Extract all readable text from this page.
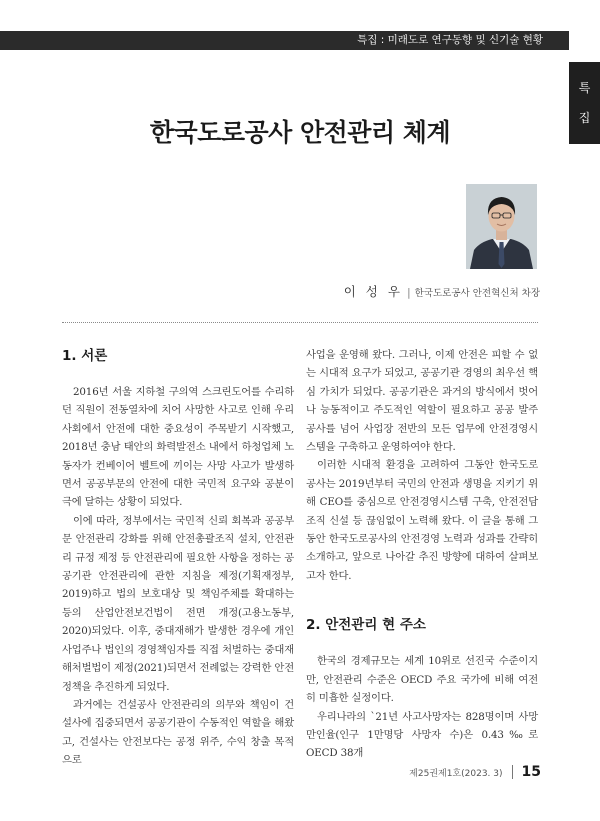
특집 : 미래도로 연구동향 및 신기술 현황
특
집
한국도로공사 안전관리 체계
이 성 우 | 한국도로공사 안전혁신처 차장
1. 서론

2016년 서울 지하철 구의역 스크린도어를 수리하던 직원이 전동열차에 치어 사망한 사고로 인해 우리 사회에서 안전에 대한 중요성이 주목받기 시작했고, 2018년 충남 태안의 화력발전소 내에서 하청업체 노동자가 컨베이어 벨트에 끼이는 사망 사고가 발생하면서 공공부문의 안전에 대한 국민적 요구와 공분이 극에 달하는 상황이 되었다.

이에 따라, 정부에서는 국민적 신뢰 회복과 공공부문 안전관리 강화를 위해 안전총괄조직 설치, 안전관리 규정 제정 등 안전관리에 필요한 사항을 정하는 공공기관 안전관리에 관한 지침을 제정(기획재정부, 2019)하고 법의 보호대상 및 책임주체를 확대하는 등의 산업안전보건법이 전면 개정(고용노동부, 2020)되었다. 이후, 중대재해가 발생한 경우에 개인 사업주나 법인의 경영책임자를 직접 처벌하는 중대재해처벌법이 제정(2021)되면서 전례없는 강력한 안전정책을 추진하게 되었다.

과거에는 건설공사 안전관리의 의무와 책임이 건설사에 집중되면서 공공기관이 수동적인 역할을 해왔고, 건설사는 안전보다는 공정 위주, 수익 창출 목적으로

사업을 운영해 왔다. 그러나, 이제 안전은 피할 수 없는 시대적 요구가 되었고, 공공기관 경영의 최우선 핵심 가치가 되었다. 공공기관은 과거의 방식에서 벗어나 능동적이고 주도적인 역할이 필요하고 공공 발주 공사를 넘어 사업장 전반의 모든 업무에 안전경영시스템을 구축하고 운영하여야 한다.

이러한 시대적 환경을 고려하여 그동안 한국도로공사는 2019년부터 국민의 안전과 생명을 지키기 위해 CEO를 중심으로 안전경영시스템 구축, 안전전담조직 신설 등 끊임없이 노력해 왔다. 이 글을 통해 그동안 한국도로공사의 안전경영 노력과 성과를 간략히 소개하고, 앞으로 나아갈 추진 방향에 대하여 살펴보고자 한다.

2. 안전관리 현 주소

한국의 경제규모는 세계 10위로 선진국 수준이지만, 안전관리 수준은 OECD 주요 국가에 비해 여전히 미흡한 실정이다.

우리나라의 `21년 사고사망자는 828명이며 사망 만인율(인구 1만명당 사망자 수)은 0.43‰로 OECD 38개

제25권제1호(2023. 3) 15
